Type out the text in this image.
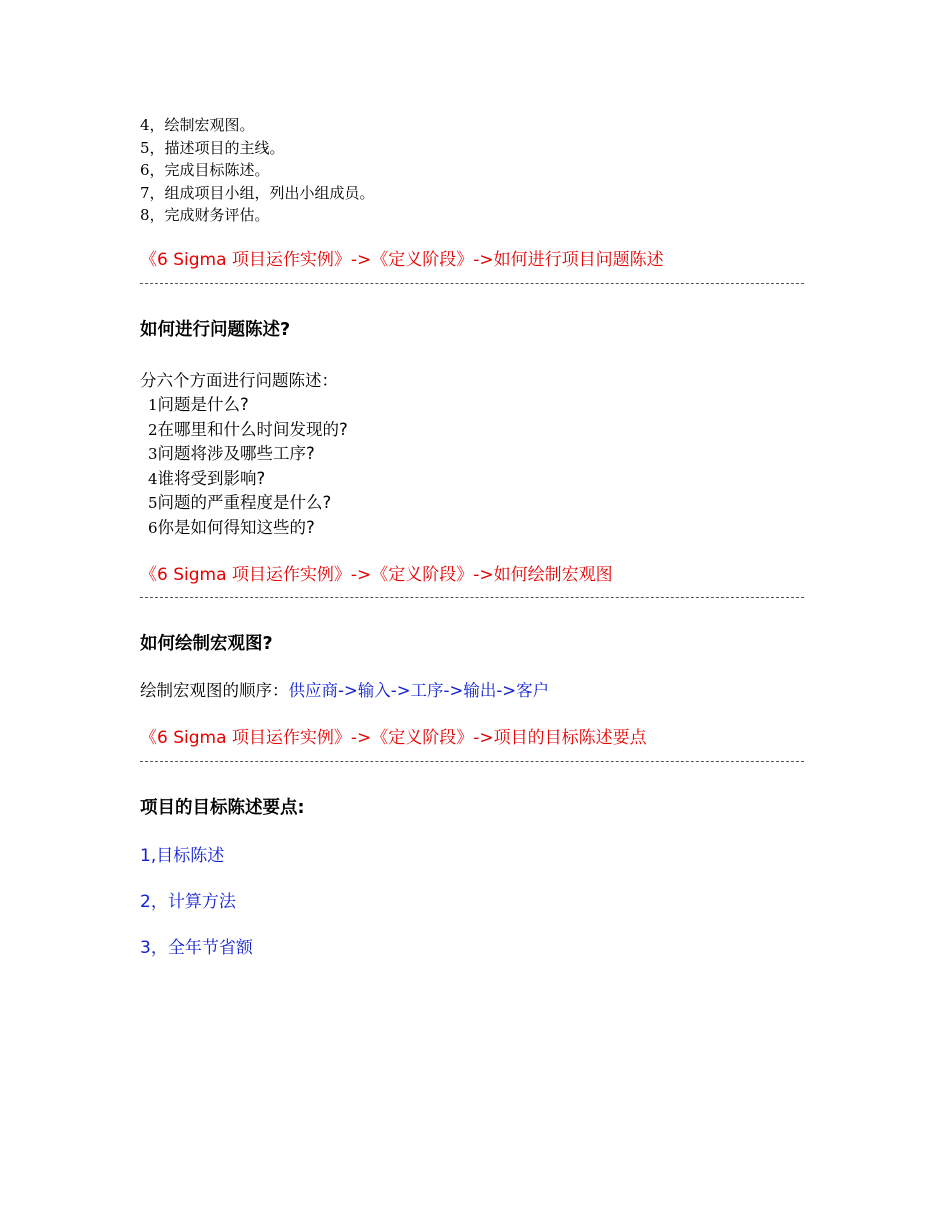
4，绘制宏观图。
5，描述项目的主线。
6，完成目标陈述。
7，组成项目小组，列出小组成员。
8，完成财务评估。
《6 Sigma 项目运作实例》->《定义阶段》->如何进行项目问题陈述
如何进行问题陈述?
分六个方面进行问题陈述：
1问题是什么?
2在哪里和什么时间发现的?
3问题将涉及哪些工序?
4谁将受到影响?
5问题的严重程度是什么?
6你是如何得知这些的?
《6 Sigma 项目运作实例》->《定义阶段》->如何绘制宏观图
如何绘制宏观图?
绘制宏观图的顺序：供应商->输入->工序->输出->客户
《6 Sigma 项目运作实例》->《定义阶段》->项目的目标陈述要点
项目的目标陈述要点:
1,目标陈述
2，计算方法
3，全年节省额
